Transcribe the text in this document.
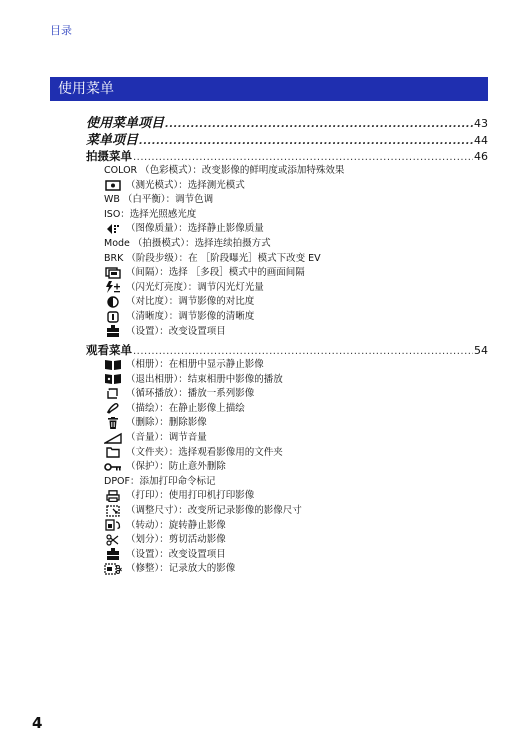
目录
使用菜单
使用菜单项目 .....	43
菜单项目 .....	44
拍摄菜单 .....	46
COLOR （色彩模式）：改变影像的鲜明度或添加特殊效果
（测光模式）：选择测光模式
WB （白平衡）：调节色调
ISO：选择光照感光度
（图像质量）：选择静止影像质量
Mode （拍摄模式）：选择连续拍摄方式
BRK （阶段步级）：在 ［阶段曝光］模式下改变 EV
（间隔）：选择 ［多段］模式中的画面间隔
（闪光灯亮度）：调节闪光灯光量
（对比度）：调节影像的对比度
（清晰度）：调节影像的清晰度
（设置）：改变设置项目
观看菜单 .....	54
（相册）：在相册中显示静止影像
（退出相册）：结束相册中影像的播放
（循环播放）：播放一系列影像
（描绘）：在静止影像上描绘
（删除）：删除影像
（音量）：调节音量
（文件夹）：选择观看影像用的文件夹
（保护）：防止意外删除
DPOF：添加打印命令标记
（打印）：使用打印机打印影像
（调整尺寸）：改变所记录影像的影像尺寸
（转动）：旋转静止影像
（划分）：剪切活动影像
（设置）：改变设置项目
（修整）：记录放大的影像
4
